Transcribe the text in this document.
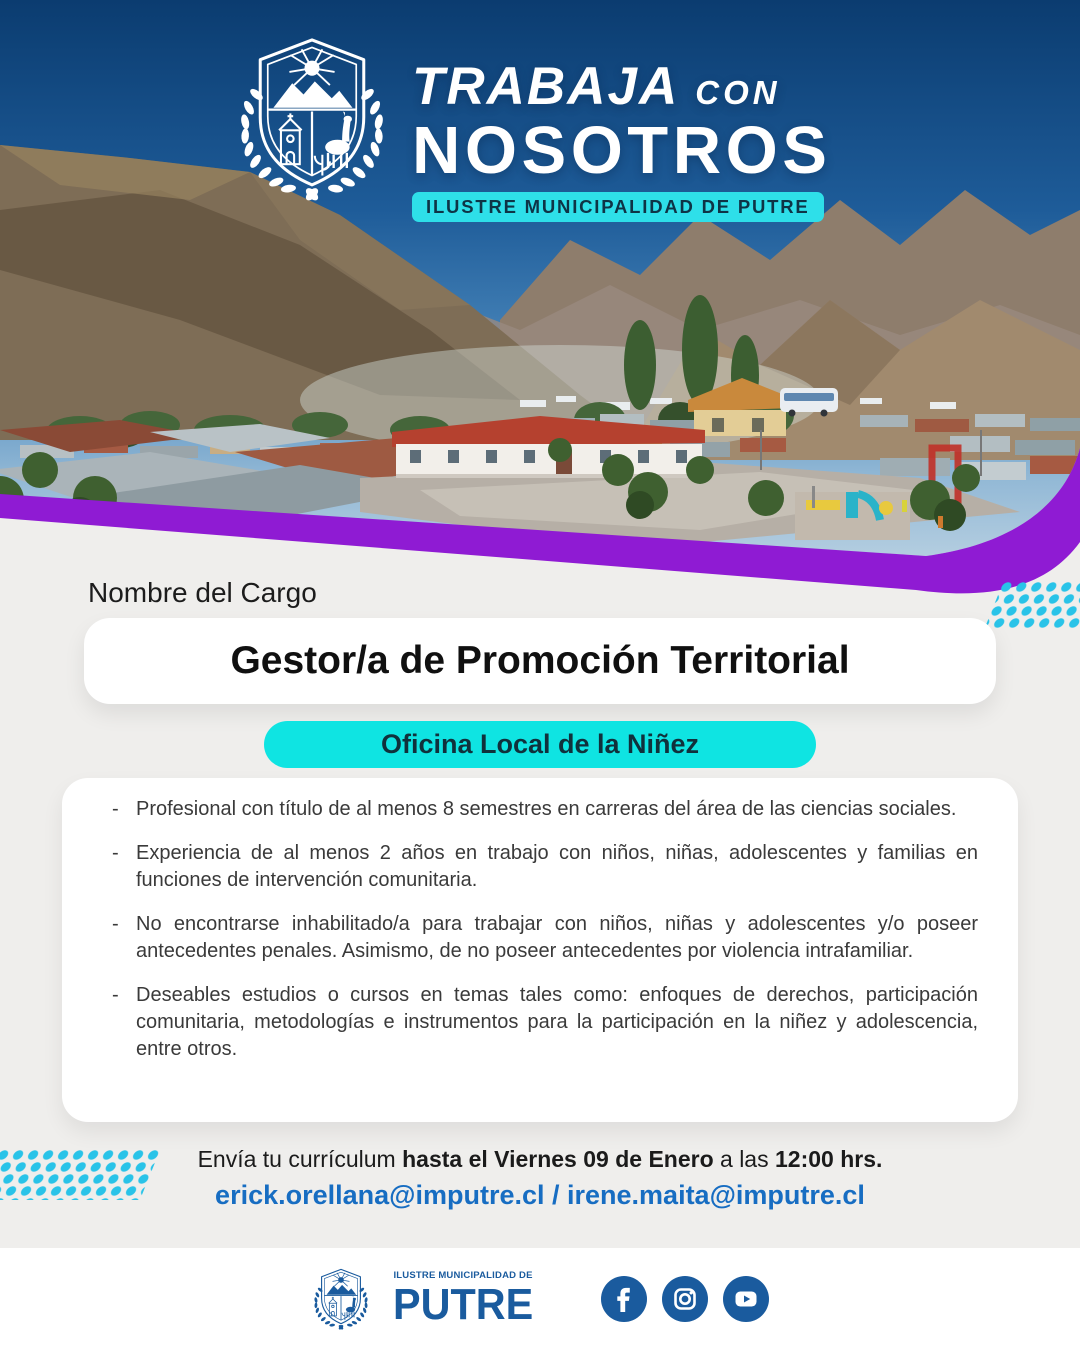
TRABAJA CON
NOSOTROS
ILUSTRE MUNICIPALIDAD DE PUTRE
Nombre del Cargo
Gestor/a de Promoción Territorial
Oficina Local de la Niñez
- Profesional con título de al menos 8 semestres en carreras del área de las ciencias sociales.
- Experiencia de al menos 2 años en trabajo con niños, niñas, adolescentes y familias en funciones de intervención comunitaria.
- No encontrarse inhabilitado/a para trabajar con niños, niñas y adolescentes y/o poseer antecedentes penales. Asimismo, de no poseer antecedentes por violencia intrafamiliar.
- Deseables estudios o cursos en temas tales como: enfoques de derechos, participación comunitaria, metodologías e instrumentos para la participación en la niñez y adolescencia, entre otros.
Envía tu currículum hasta el Viernes 09 de Enero a las 12:00 hrs.
erick.orellana@imputre.cl / irene.maita@imputre.cl
ILUSTRE MUNICIPALIDAD DE
PUTRE
